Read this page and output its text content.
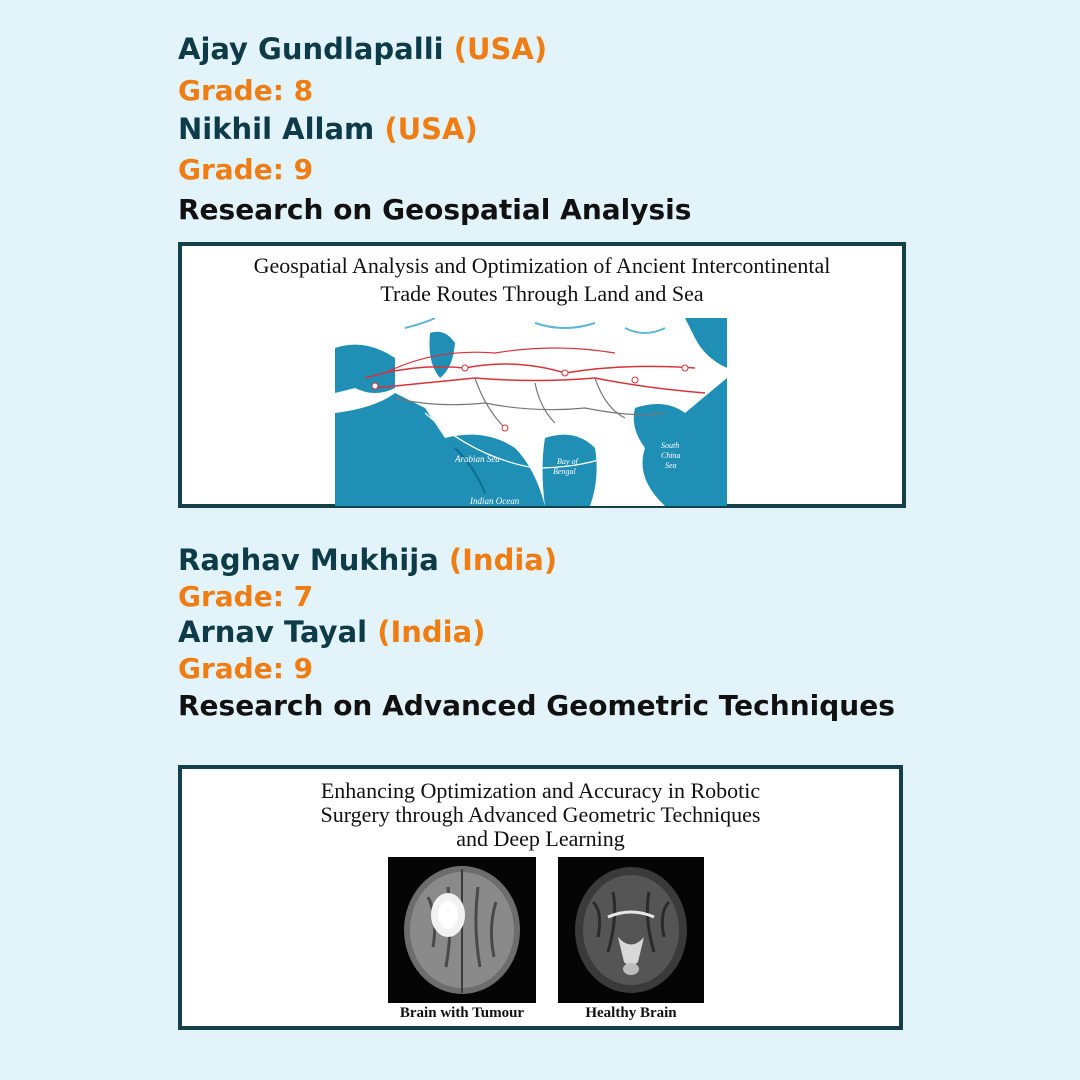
Ajay Gundlapalli (USA)
Grade: 8
Nikhil Allam (USA)
Grade: 9
Research on Geospatial Analysis
Geospatial Analysis and Optimization of Ancient Intercontinental
Trade Routes Through Land and Sea
Arabian Sea	Bay of
Bengal
South
China
Sea
Indian Ocean
Raghav Mukhija (India)
Grade: 7
Arnav Tayal (India)
Grade: 9
Research on Advanced Geometric Techniques
Enhancing Optimization and Accuracy in Robotic
Surgery through Advanced Geometric Techniques
and Deep Learning
Brain with Tumour	Healthy Brain
